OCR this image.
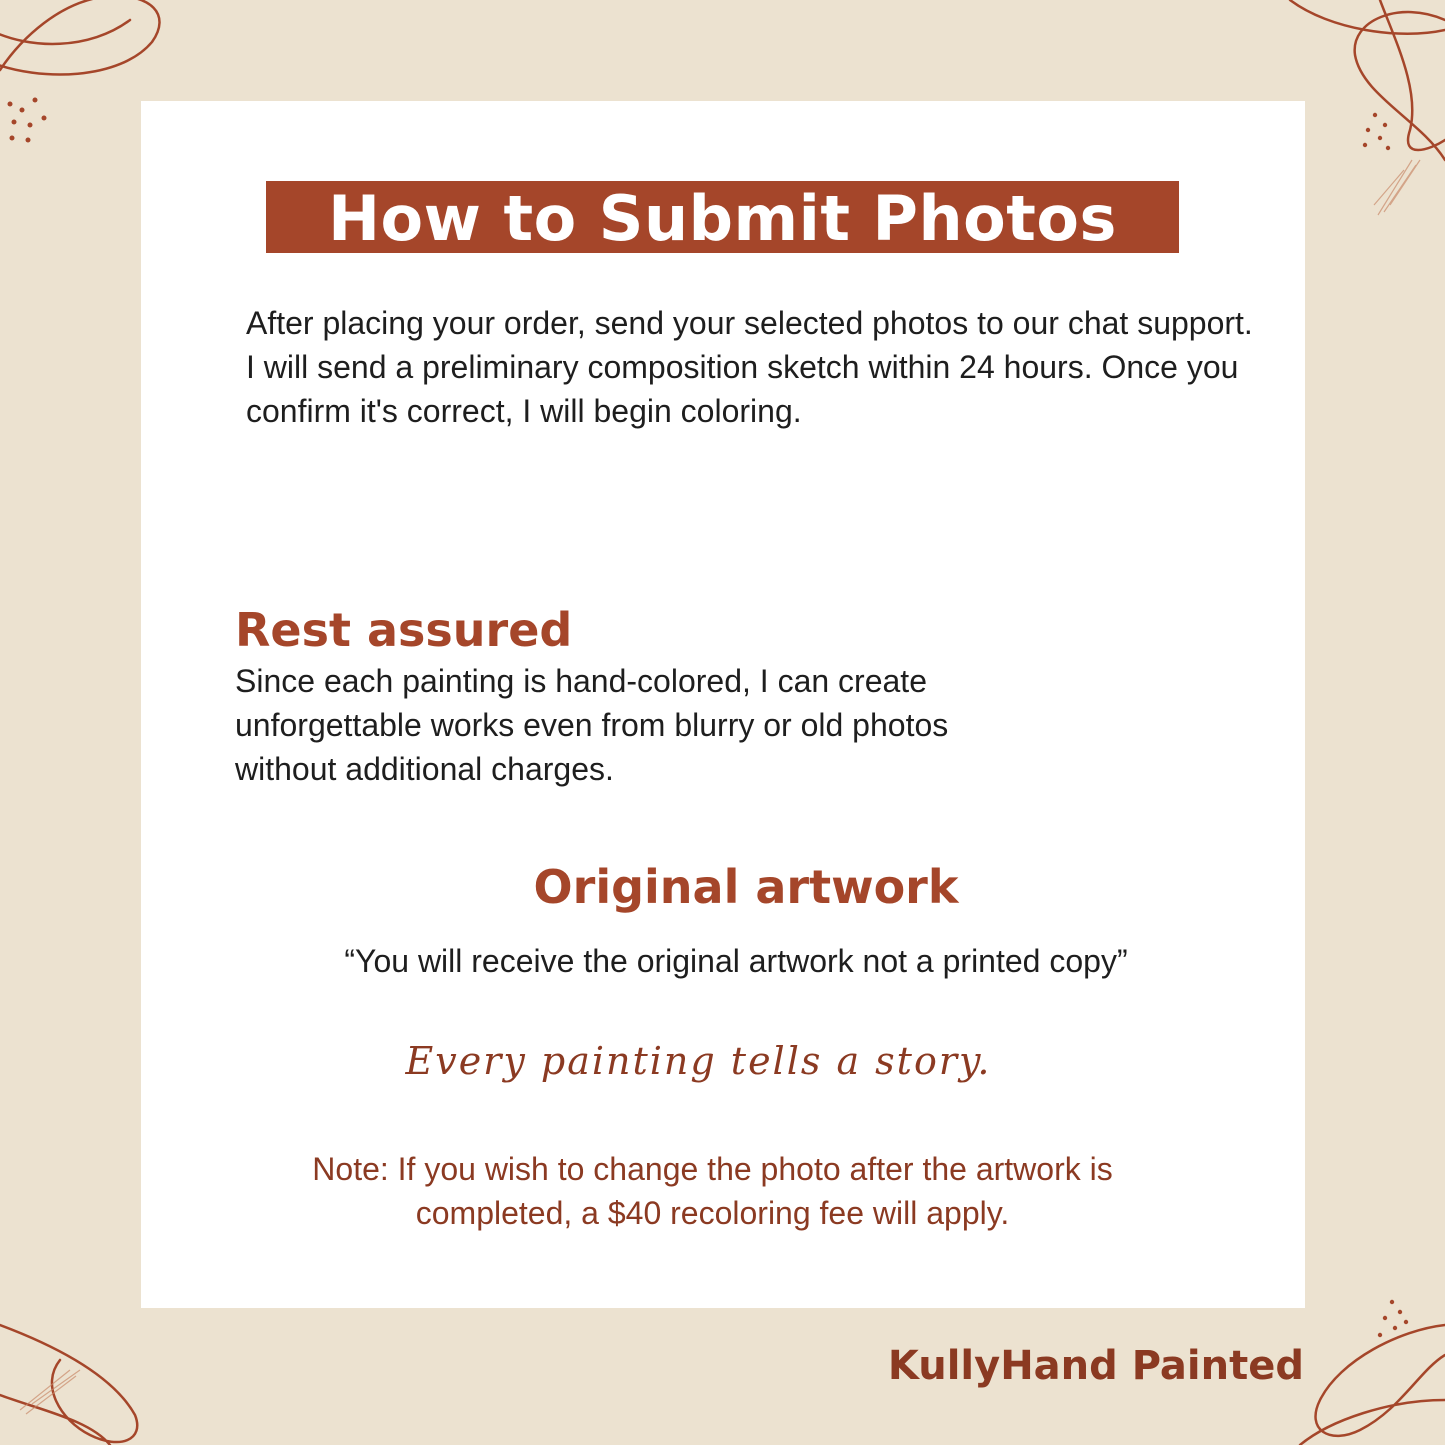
How to Submit Photos

After placing your order, send your selected photos to our chat support.

I will send a preliminary composition sketch within 24 hours. Once you

confirm it's correct, I will begin coloring.

Rest assured

Since each painting is hand-colored, I can create unforgettable works even from blurry or old photos without additional charges.

Original artwork

“You will receive the original artwork not a printed copy”

Every painting tells a story.

Note: If you wish to change the photo after the artwork is completed, a $40 recoloring fee will apply.

KullyHand Painted
